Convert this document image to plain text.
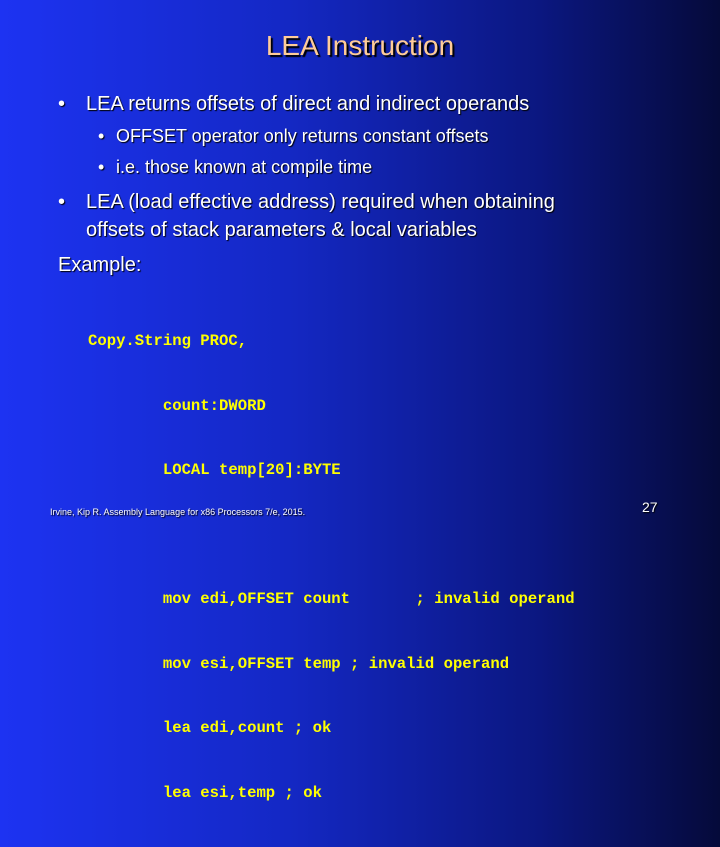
LEA Instruction
• LEA returns offsets of direct and indirect operands
• OFFSET operator only returns constant offsets
• i.e. those known at compile time
• LEA (load effective address) required when obtaining
offsets of stack parameters & local variables
Example:

Copy.String PROC,

count:DWORD

LOCAL temp[20]:BYTE

mov edi,OFFSET count       ; invalid operand

mov esi,OFFSET temp ; invalid operand

lea edi,count ; ok

lea esi,temp ; ok

Irvine, Kip R. Assembly Language for x86 Processors 7/e, 2015.	27
